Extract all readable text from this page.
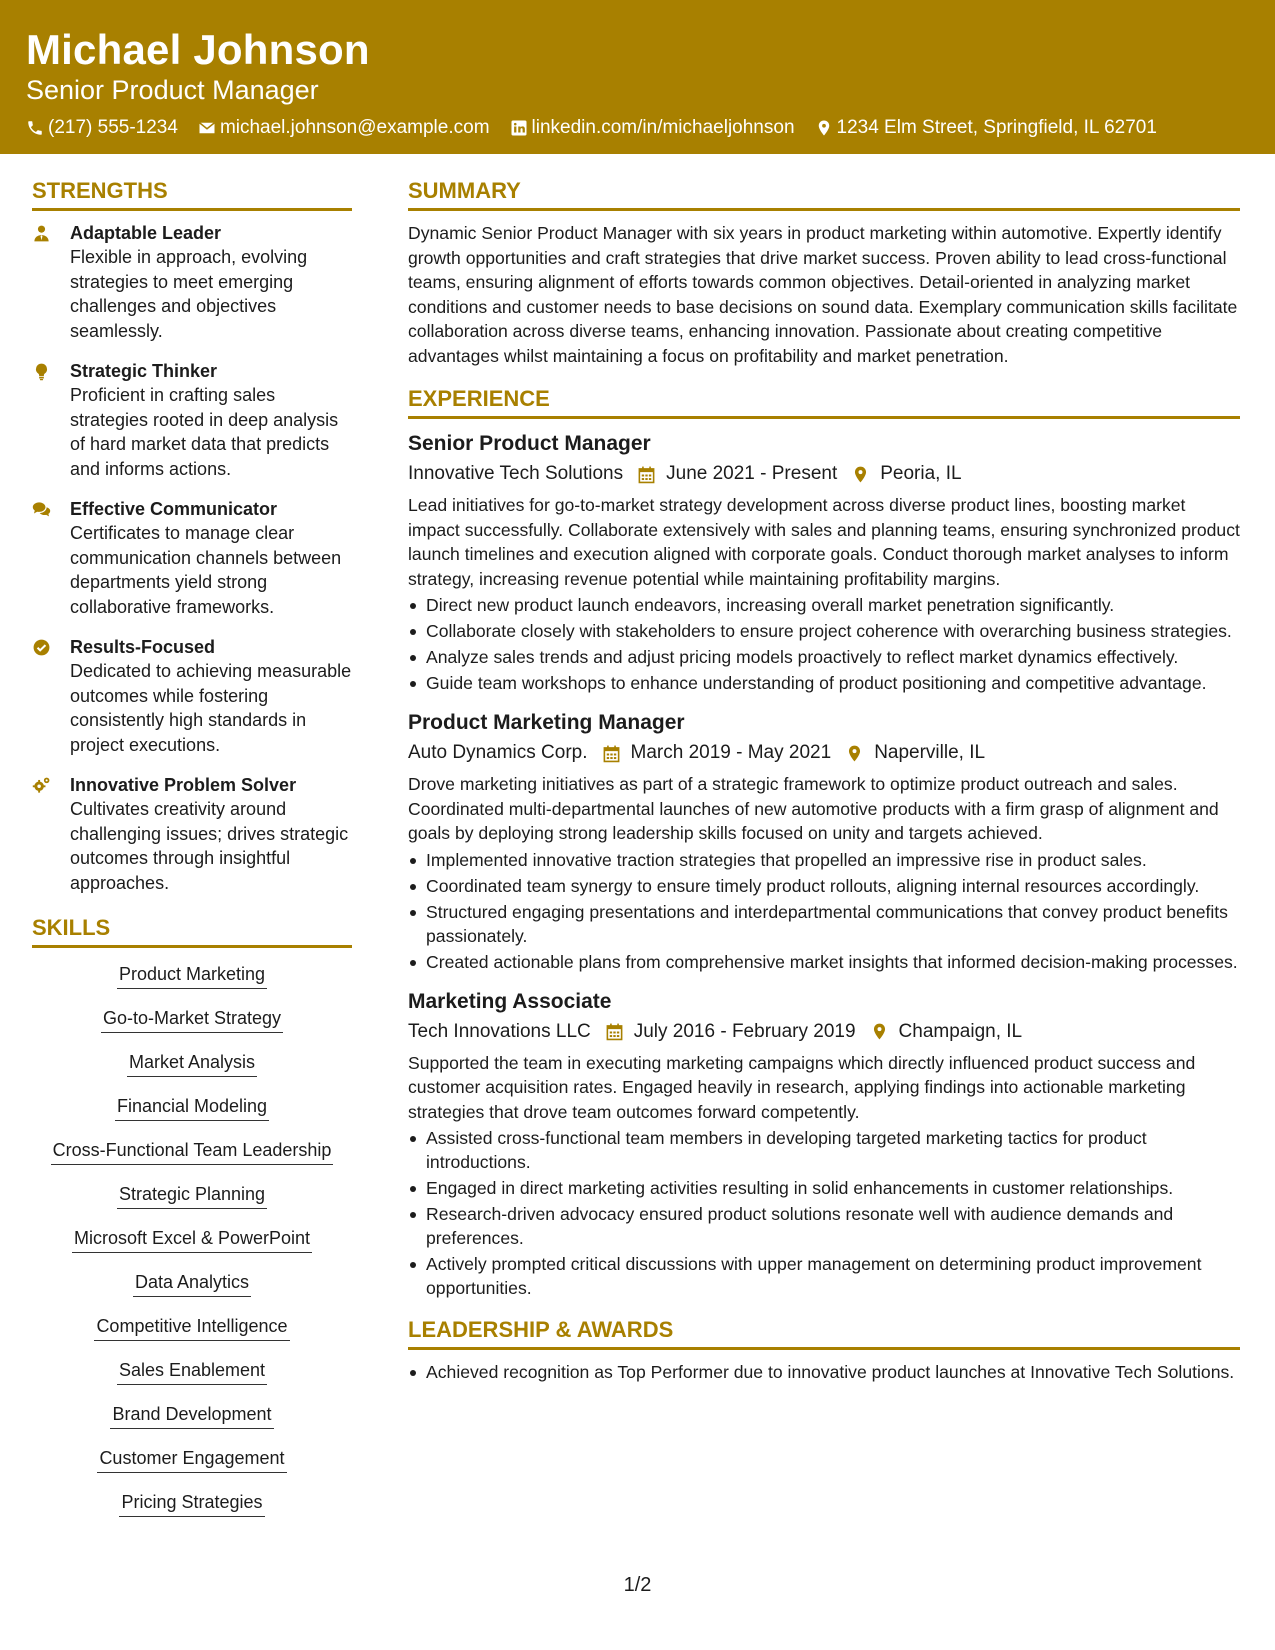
Michael Johnson
Senior Product Manager
(217) 555-1234 michael.johnson@example.com linkedin.com/in/michaeljohnson 1234 Elm Street, Springfield, IL 62701
STRENGTHS
Adaptable Leader
Flexible in approach, evolving strategies to meet emerging challenges and objectives seamlessly.
Strategic Thinker
Proficient in crafting sales strategies rooted in deep analysis of hard market data that predicts and informs actions.
Effective Communicator
Certificates to manage clear communication channels between departments yield strong collaborative frameworks.
Results-Focused
Dedicated to achieving measurable outcomes while fostering consistently high standards in project executions.
Innovative Problem Solver
Cultivates creativity around challenging issues; drives strategic outcomes through insightful approaches.
SKILLS
Product Marketing
Go-to-Market Strategy
Market Analysis
Financial Modeling
Cross-Functional Team Leadership
Strategic Planning
Microsoft Excel & PowerPoint
Data Analytics
Competitive Intelligence
Sales Enablement
Brand Development
Customer Engagement
Pricing Strategies
SUMMARY
Dynamic Senior Product Manager with six years in product marketing within automotive. Expertly identify growth opportunities and craft strategies that drive market success. Proven ability to lead cross-functional teams, ensuring alignment of efforts towards common objectives. Detail-oriented in analyzing market conditions and customer needs to base decisions on sound data. Exemplary communication skills facilitate collaboration across diverse teams, enhancing innovation. Passionate about creating competitive advantages whilst maintaining a focus on profitability and market penetration.
EXPERIENCE
Senior Product Manager
Innovative Tech Solutions June 2021 - Present Peoria, IL
Lead initiatives for go-to-market strategy development across diverse product lines, boosting market impact successfully. Collaborate extensively with sales and planning teams, ensuring synchronized product launch timelines and execution aligned with corporate goals. Conduct thorough market analyses to inform strategy, increasing revenue potential while maintaining profitability margins.
Direct new product launch endeavors, increasing overall market penetration significantly.
Collaborate closely with stakeholders to ensure project coherence with overarching business strategies.
Analyze sales trends and adjust pricing models proactively to reflect market dynamics effectively.
Guide team workshops to enhance understanding of product positioning and competitive advantage.
Product Marketing Manager
Auto Dynamics Corp. March 2019 - May 2021 Naperville, IL
Drove marketing initiatives as part of a strategic framework to optimize product outreach and sales. Coordinated multi-departmental launches of new automotive products with a firm grasp of alignment and goals by deploying strong leadership skills focused on unity and targets achieved.
Implemented innovative traction strategies that propelled an impressive rise in product sales.
Coordinated team synergy to ensure timely product rollouts, aligning internal resources accordingly.
Structured engaging presentations and interdepartmental communications that convey product benefits passionately.
Created actionable plans from comprehensive market insights that informed decision-making processes.
Marketing Associate
Tech Innovations LLC July 2016 - February 2019 Champaign, IL
Supported the team in executing marketing campaigns which directly influenced product success and customer acquisition rates. Engaged heavily in research, applying findings into actionable marketing strategies that drove team outcomes forward competently.
Assisted cross-functional team members in developing targeted marketing tactics for product introductions.
Engaged in direct marketing activities resulting in solid enhancements in customer relationships.
Research-driven advocacy ensured product solutions resonate well with audience demands and preferences.
Actively prompted critical discussions with upper management on determining product improvement opportunities.
LEADERSHIP & AWARDS
Achieved recognition as Top Performer due to innovative product launches at Innovative Tech Solutions.
1/2
